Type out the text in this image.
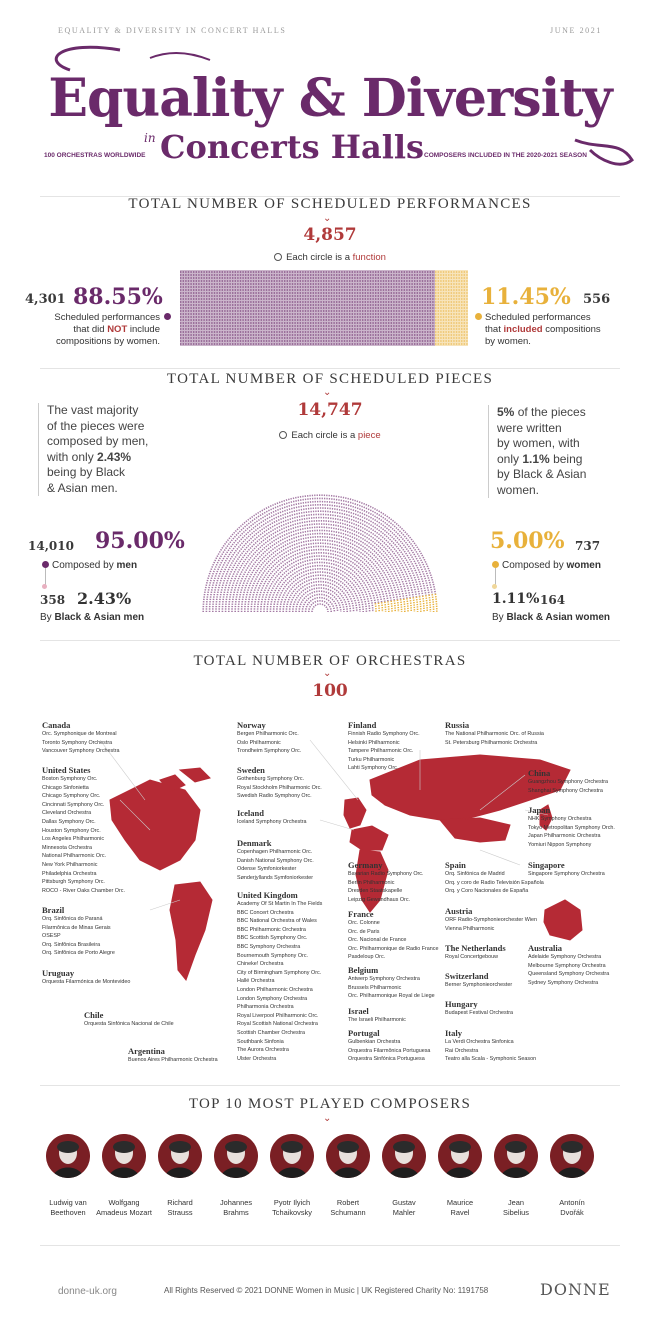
EQUALITY & DIVERSITY IN CONCERT HALLS	JUNE 2021
Equality & Diversity
in Concerts Halls
100 ORCHESTRAS WORLDWIDE	COMPOSERS INCLUDED IN THE 2020-2021 SEASON
TOTAL NUMBER OF SCHEDULED PERFORMANCES
⌄
4,857
Each circle is a function
4,301 88.55%
Scheduled performances
that did NOT include
compositions by women.
11.45% 556
Scheduled performances
that included compositions
by women.
TOTAL NUMBER OF SCHEDULED PIECES
⌄
14,747
Each circle is a piece
The vast majority
of the pieces were
composed by men,
with only 2.43%
being by Black
& Asian men.
5% of the pieces
were written
by women, with
only 1.1% being
by Black & Asian
women.
14,010 95.00%
Composed by men
358 2.43%
By Black & Asian men
5.00% 737
Composed by women
1.11% 164
By Black & Asian women
TOTAL NUMBER OF ORCHESTRAS
⌄
100
Canada
Orc. Symphonique de Montreal
Toronto Symphony Orchestra
Vancouver Symphony Orchestra
United States
Boston Symphony Orc.
Chicago Sinfonietta
Chicago Symphony Orc.
Cincinnati Symphony Orc.
Cleveland Orchestra
Dallas Symphony Orc.
Houston Symphony Orc.
Los Angeles Philharmonic
Minnesota Orchestra
National Philharmonic Orc.
New York Philharmonic
Philadelphia Orchestra
Pittsburgh Symphony Orc.
ROCO - River Oaks Chamber Orc.
Brazil
Orq. Sinfônica do Paraná
Filarmônica de Minas Gerais
OSESP
Orq. Sinfônica Brasileira
Orq. Sinfônica de Porto Alegre
Uruguay
Orquesta Filarmónica de Montevideo
Chile
Orquesta Sinfónica Nacional de Chile
Argentina
Buenos Aires Philharmonic Orchestra
Norway
Bergen Philharmonic Orc.
Oslo Philharmonic
Trondheim Symphony Orc.
Sweden
Gothenburg Symphony Orc.
Royal Stockholm Philharmonic Orc.
Swedish Radio Symphony Orc.
Iceland
Iceland Symphony Orchestra
Denmark
Copenhagen Philharmonic Orc.
Danish National Symphony Orc.
Odense Symfoniorkester
Sønderjyllands Symfoniorkester
United Kingdom
Academy Of St Martin In The Fields
BBC Concert Orchestra
BBC National Orchestra of Wales
BBC Philharmonic Orchestra
BBC Scottish Symphony Orc.
BBC Symphony Orchestra
Bournemouth Symphony Orc.
Chineke! Orchestra
City of Birmingham Symphony Orc.
Hallé Orchestra
London Philharmonic Orchestra
London Symphony Orchestra
Philharmonia Orchestra
Royal Liverpool Philharmonic Orc.
Royal Scottish National Orchestra
Scottish Chamber Orchestra
Southbank Sinfonia
The Aurora Orchestra
Ulster Orchestra
Finland
Finnish Radio Symphony Orc.
Helsinki Philharmonic
Tampere Philharmonic Orc.
Turku Philharmonic
Lahti Symphony Orc.
Germany
Bavarian Radio Symphony Orc.
Berlin Philharmonic
Dresden Staatskapelle
Leipzig Gewandhaus Orc.
France
Orc. Colonne
Orc. de Paris
Orc. Nacional de France
Orc. Philharmonique de Radio France
Pasdeloup Orc.
Belgium
Antwerp Symphony Orchestra
Brussels Philharmonic
Orc. Philharmonique Royal de Liege
Israel
The Israeli Philharmonic
Portugal
Gulbenkian Orchestra
Orquestra Filarmônica Portuguesa
Orquestra Sinfónica Portuguesa
Russia
The National Philharmonic Orc. of Russia
St. Petersburg Philharmonic Orchestra
Spain
Orq. Sinfónica de Madrid
Orq. y coro de Radio Televisión Española
Orq. y Coro Nacionales de España
Austria
ORF Radio-Symphonieorchester Wien
Vienna Philharmonic
The Netherlands
Royal Concertgebouw
Switzerland
Berner Symphonieorchester
Hungary
Budapest Festival Orchestra
Italy
La Verdi Orchestra Sinfonica
Rai Orchestra
Teatro alla Scala - Symphonic Season
China
Guangzhou Symphony Orchestra
Shanghai Symphony Orchestra
Japan
NHK Symphony Orchestra
Tokyo Metropolitan Symphony Orch.
Japan Philharmonic Orchestra
Yomiuri Nippon Symphony
Singapore
Singapore Symphony Orchestra
Australia
Adelaide Symphony Orchestra
Melbourne Symphony Orchestra
Queensland Symphony Orchestra
Sydney Symphony Orchestra
TOP 10 MOST PLAYED COMPOSERS
⌄
Ludwig van
Beethoven
Wolfgang
Amadeus Mozart
Richard
Strauss
Johannes
Brahms
Pyotr Ilyich
Tchaikovsky
Robert
Schumann
Gustav
Mahler
Maurice
Ravel
Jean
Sibelius
Antonín
Dvořák
donne-uk.org	All Rights Reserved © 2021 DONNE Women in Music | UK Registered Charity No: 1191758	DONNE
